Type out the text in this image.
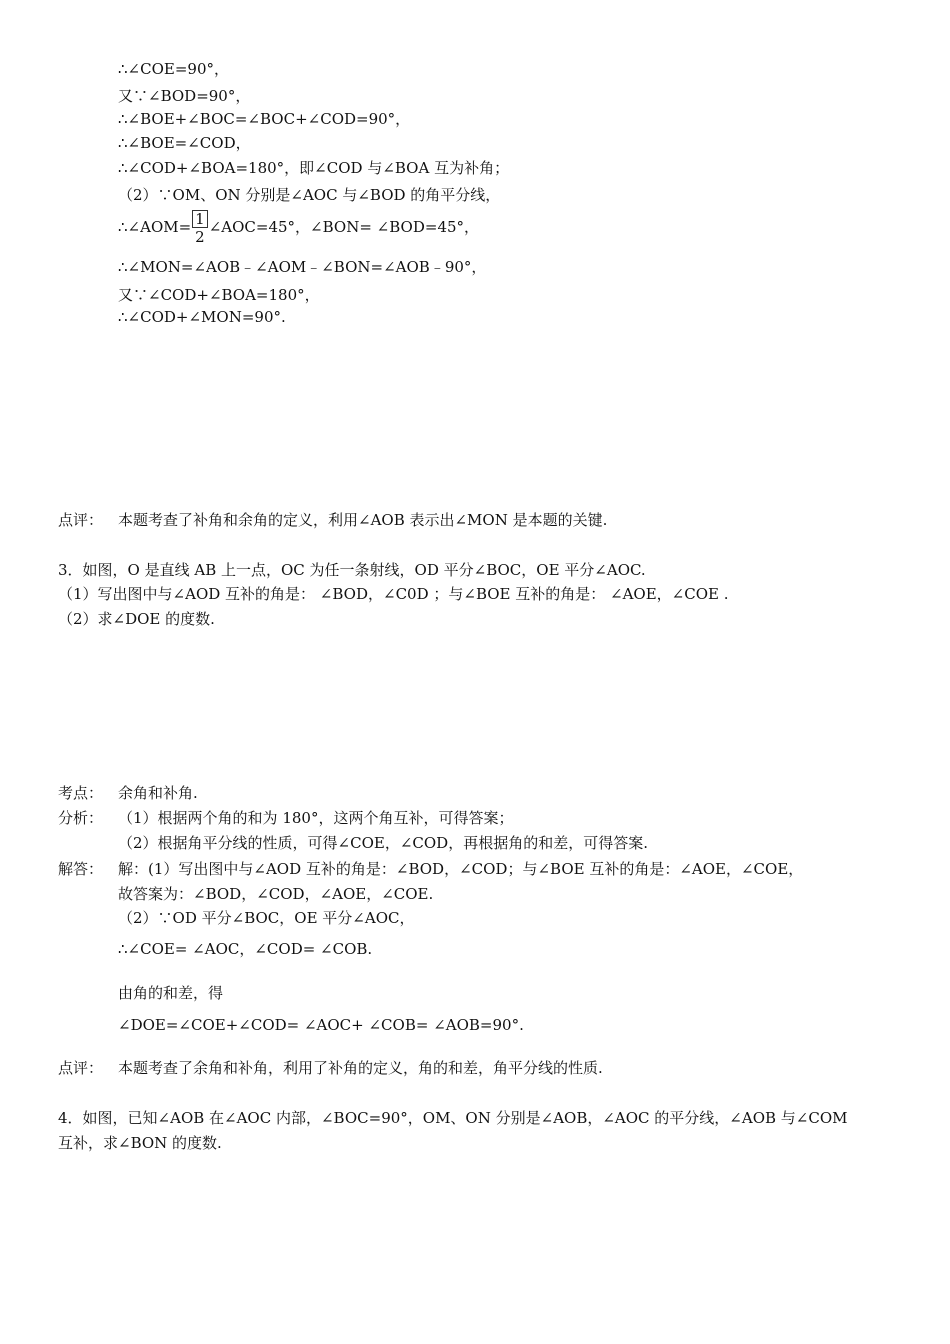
∴∠COE=90°，
又∵∠BOD=90°，
∴∠BOE+∠BOC=∠BOC+∠COD=90°，
∴∠BOE=∠COD，
∴∠COD+∠BOA=180°，即∠COD 与∠BOA 互为补角；
（2）∵OM、ON 分别是∠AOC 与∠BOD 的角平分线，
∴∠AOM= $\frac{1}{2}$ ∠AOC=45°，∠BON= ∠BOD=45°，
∴∠MON=∠AOB﹣∠AOM﹣∠BON=∠AOB﹣90°，
又∵∠COD+∠BOA=180°，
∴∠COD+∠MON=90°.
点评： 本题考查了补角和余角的定义，利用∠AOB 表示出∠MON 是本题的关键.
3．如图，O 是直线 AB 上一点，OC 为任一条射线，OD 平分∠BOC，OE 平分∠AOC.
（1）写出图中与∠AOD 互补的角是： ∠BOD，∠C0D ；与∠BOE 互补的角是： ∠AOE，∠COE .
（2）求∠DOE 的度数.
考点： 余角和补角.
分析： （1）根据两个角的和为 180°，这两个角互补，可得答案；
（2）根据角平分线的性质，可得∠COE，∠COD，再根据角的和差，可得答案.
解答： 解：(1）写出图中与∠AOD 互补的角是：∠BOD，∠COD；与∠BOE 互补的角是：∠AOE，∠COE，
故答案为：∠BOD，∠COD，∠AOE，∠COE.
（2）∵OD 平分∠BOC，OE 平分∠AOC，
∴∠COE= ∠AOC，∠COD= ∠COB.
由角的和差，得
∠DOE=∠COE+∠COD= ∠AOC+ ∠COB= ∠AOB=90°.
点评： 本题考查了余角和补角，利用了补角的定义，角的和差，角平分线的性质.
4．如图，已知∠AOB 在∠AOC 内部，∠BOC=90°，OM、ON 分别是∠AOB，∠AOC 的平分线，∠AOB 与∠COM
互补，求∠BON 的度数.
